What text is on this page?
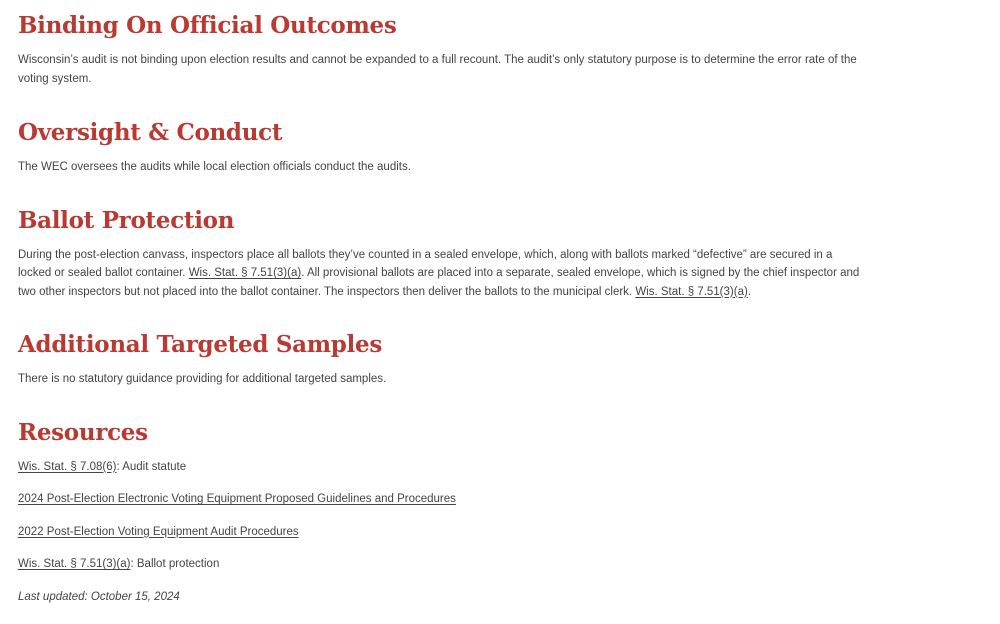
Binding On Official Outcomes

Wisconsin’s audit is not binding upon election results and cannot be expanded to a full recount. The audit’s only statutory purpose is to determine the error rate of the voting system.

Oversight & Conduct

The WEC oversees the audits while local election officials conduct the audits.

Ballot Protection

During the post-election canvass, inspectors place all ballots they’ve counted in a sealed envelope, which, along with ballots marked “defective” are secured in a locked or sealed ballot container. Wis. Stat. § 7.51(3)(a). All provisional ballots are placed into a separate, sealed envelope, which is signed by the chief inspector and two other inspectors but not placed into the ballot container. The inspectors then deliver the ballots to the municipal clerk. Wis. Stat. § 7.51(3)(a).

Additional Targeted Samples

There is no statutory guidance providing for additional targeted samples.

Resources
Wis. Stat. § 7.08(6): Audit statute
2024 Post-Election Electronic Voting Equipment Proposed Guidelines and Procedures
2022 Post-Election Voting Equipment Audit Procedures
Wis. Stat. § 7.51(3)(a): Ballot protection
Last updated: October 15, 2024
